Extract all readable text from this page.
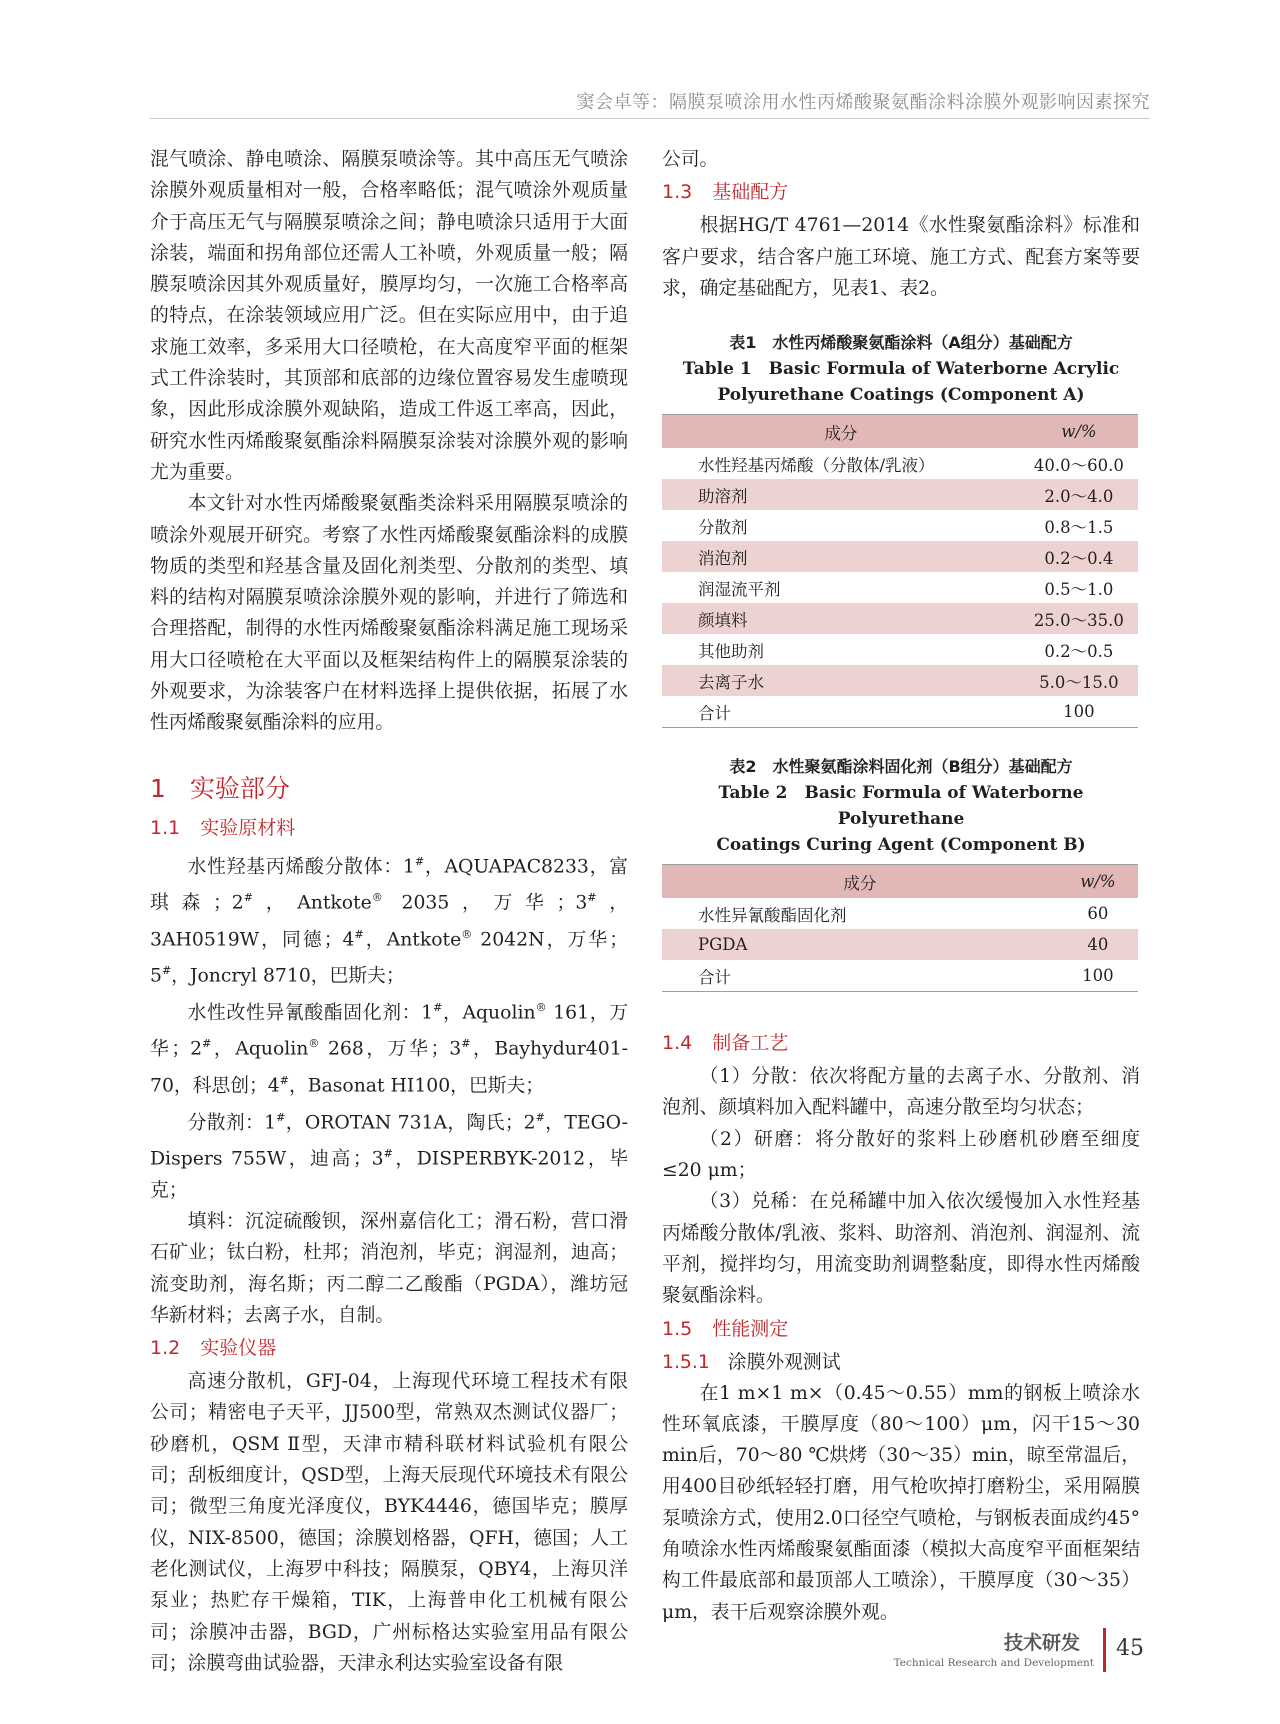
窦会卓等：隔膜泵喷涂用水性丙烯酸聚氨酯涂料涂膜外观影响因素探究

混气喷涂、静电喷涂、隔膜泵喷涂等。其中高压无气喷涂涂膜外观质量相对一般，合格率略低；混气喷涂外观质量介于高压无气与隔膜泵喷涂之间；静电喷涂只适用于大面涂装，端面和拐角部位还需人工补喷，外观质量一般；隔膜泵喷涂因其外观质量好，膜厚均匀，一次施工合格率高的特点，在涂装领域应用广泛。但在实际应用中，由于追求施工效率，多采用大口径喷枪，在大高度窄平面的框架式工件涂装时，其顶部和底部的边缘位置容易发生虚喷现象，因此形成涂膜外观缺陷，造成工件返工率高，因此，研究水性丙烯酸聚氨酯涂料隔膜泵涂装对涂膜外观的影响尤为重要。

本文针对水性丙烯酸聚氨酯类涂料采用隔膜泵喷涂的喷涂外观展开研究。考察了水性丙烯酸聚氨酯涂料的成膜物质的类型和羟基含量及固化剂类型、分散剂的类型、填料的结构对隔膜泵喷涂涂膜外观的影响，并进行了筛选和合理搭配，制得的水性丙烯酸聚氨酯涂料满足施工现场采用大口径喷枪在大平面以及框架结构件上的隔膜泵涂装的外观要求，为涂装客户在材料选择上提供依据，拓展了水性丙烯酸聚氨酯涂料的应用。

1 实验部分
1.1 实验原材料

水性羟基丙烯酸分散体：1#，AQUAPAC8233，富琪森；2#，Antkote® 2035，万华；3#，3AH0519W，同德；4#，Antkote® 2042N，万华；5#，Joncryl 8710，巴斯夫；

水性改性异氰酸酯固化剂：1#，Aquolin® 161，万华；2#，Aquolin® 268，万华；3#，Bayhydur401-70，科思创；4#，Basonat HI100，巴斯夫；

分散剂：1#，OROTAN 731A，陶氏；2#，TEGO-Dispers 755W，迪高；3#，DISPERBYK-2012，毕克；

填料：沉淀硫酸钡，深州嘉信化工；滑石粉，营口滑石矿业；钛白粉，杜邦；消泡剂，毕克；润湿剂，迪高；流变助剂，海名斯；丙二醇二乙酸酯（PGDA），潍坊冠华新材料；去离子水，自制。

1.2 实验仪器

高速分散机，GFJ-04，上海现代环境工程技术有限公司；精密电子天平，JJ500型，常熟双杰测试仪器厂；砂磨机，QSM Ⅱ型，天津市精科联材料试验机有限公司；刮板细度计，QSD型，上海天辰现代环境技术有限公司；微型三角度光泽度仪，BYK4446，德国毕克；膜厚仪，NIX-8500，德国；涂膜划格器，QFH，德国；人工老化测试仪，上海罗中科技；隔膜泵，QBY4，上海贝洋泵业；热贮存干燥箱，TIK，上海普申化工机械有限公司；涂膜冲击器，BGD，广州标格达实验室用品有限公司；涂膜弯曲试验器，天津永利达实验室设备有限

公司。

1.3 基础配方

根据HG/T 4761—2014《水性聚氨酯涂料》标准和客户要求，结合客户施工环境、施工方式、配套方案等要求，确定基础配方，见表1、表2。

表1　水性丙烯酸聚氨酯涂料（A组分）基础配方

Table 1　Basic Formula of Waterborne Acrylic

Polyurethane Coatings (Component A)

成分	w/%
水性羟基丙烯酸（分散体/乳液）	40.0～60.0
助溶剂	2.0～4.0
分散剂	0.8～1.5
消泡剂	0.2～0.4
润湿流平剂	0.5～1.0
颜填料	25.0～35.0
其他助剂	0.2～0.5
去离子水	5.0～15.0
合计	100

表2　水性聚氨酯涂料固化剂（B组分）基础配方

Table 2　Basic Formula of Waterborne Polyurethane

Coatings Curing Agent (Component B)

成分	w/%
水性异氰酸酯固化剂	60
PGDA	40
合计	100
1.4 制备工艺

（1）分散：依次将配方量的去离子水、分散剂、消泡剂、颜填料加入配料罐中，高速分散至均匀状态；

（2）研磨：将分散好的浆料上砂磨机砂磨至细度≤20 μm；

（3）兑稀：在兑稀罐中加入依次缓慢加入水性羟基丙烯酸分散体/乳液、浆料、助溶剂、消泡剂、润湿剂、流平剂，搅拌均匀，用流变助剂调整黏度，即得水性丙烯酸聚氨酯涂料。

1.5 性能测定
1.5.1 涂膜外观测试

在1 m×1 m×（0.45～0.55）mm的钢板上喷涂水性环氧底漆，干膜厚度（80～100）μm，闪干15～30 min后，70～80 ℃烘烤（30～35）min，晾至常温后，用400目砂纸轻轻打磨，用气枪吹掉打磨粉尘，采用隔膜泵喷涂方式，使用2.0口径空气喷枪，与钢板表面成约45°角喷涂水性丙烯酸聚氨酯面漆（模拟大高度窄平面框架结构工件最底部和最顶部人工喷涂），干膜厚度（30～35）μm，表干后观察涂膜外观。

技术研发
Technical Research and Development
45
